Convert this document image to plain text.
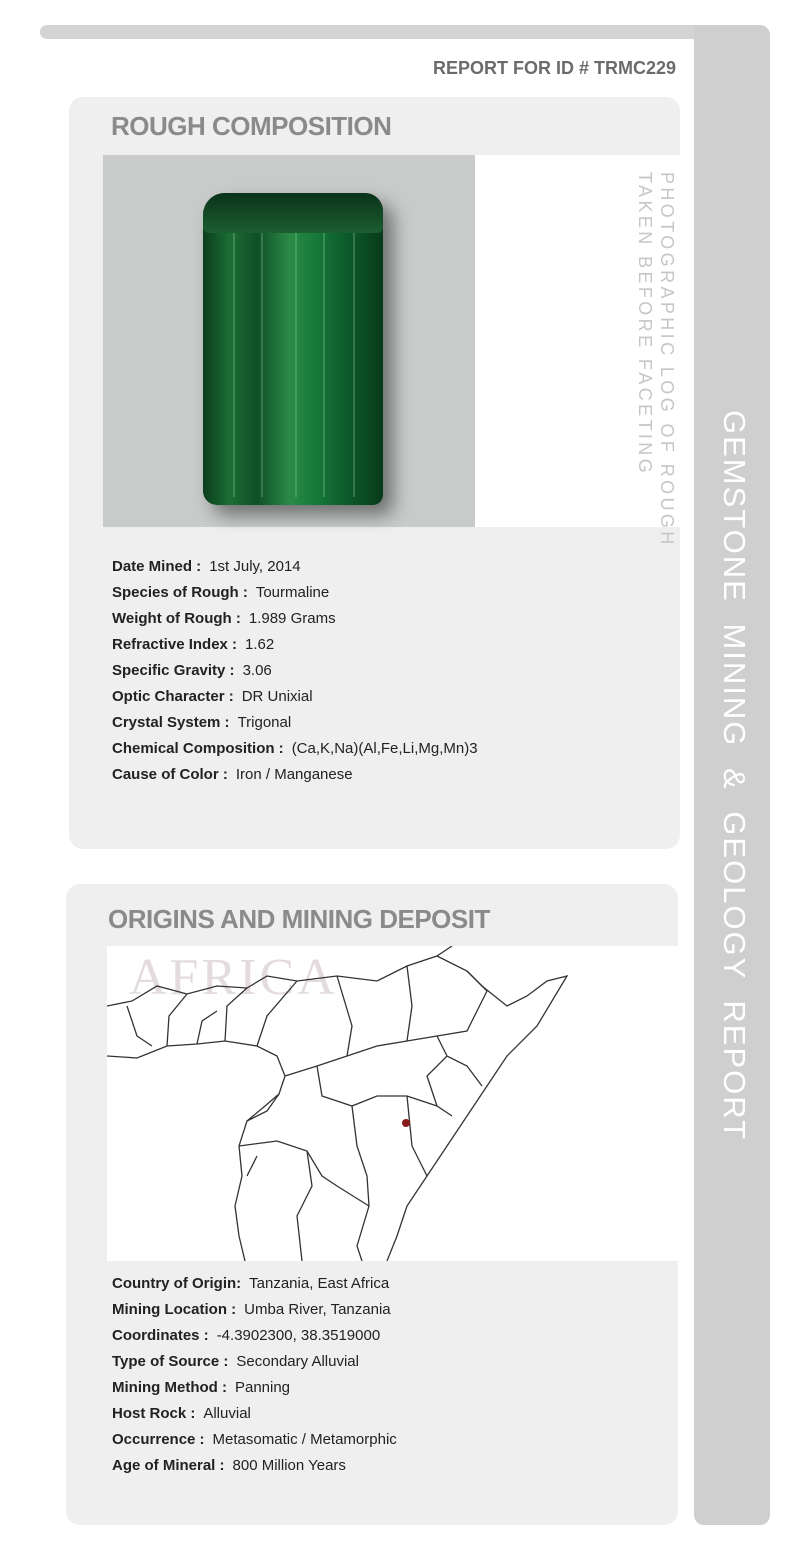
GEMSTONE MINING & GEOLOGY REPORT
REPORT FOR ID # TRMC229
ROUGH COMPOSITION
PHOTOGRAPHIC LOG OF ROUGH
TAKEN BEFORE FACETING
Date Mined : 1st July, 2014
Species of Rough : Tourmaline
Weight of Rough : 1.989 Grams
Refractive Index : 1.62
Specific Gravity : 3.06
Optic Character : DR Unixial
Crystal System : Trigonal
Chemical Composition : (Ca,K,Na)(Al,Fe,Li,Mg,Mn)3
Cause of Color : Iron / Manganese
ORIGINS AND MINING DEPOSIT
AFRICA
Country of Origin: Tanzania, East Africa
Mining Location : Umba River, Tanzania
Coordinates : -4.3902300, 38.3519000
Type of Source : Secondary Alluvial
Mining Method : Panning
Host Rock : Alluvial
Occurrence : Metasomatic / Metamorphic
Age of Mineral : 800 Million Years
